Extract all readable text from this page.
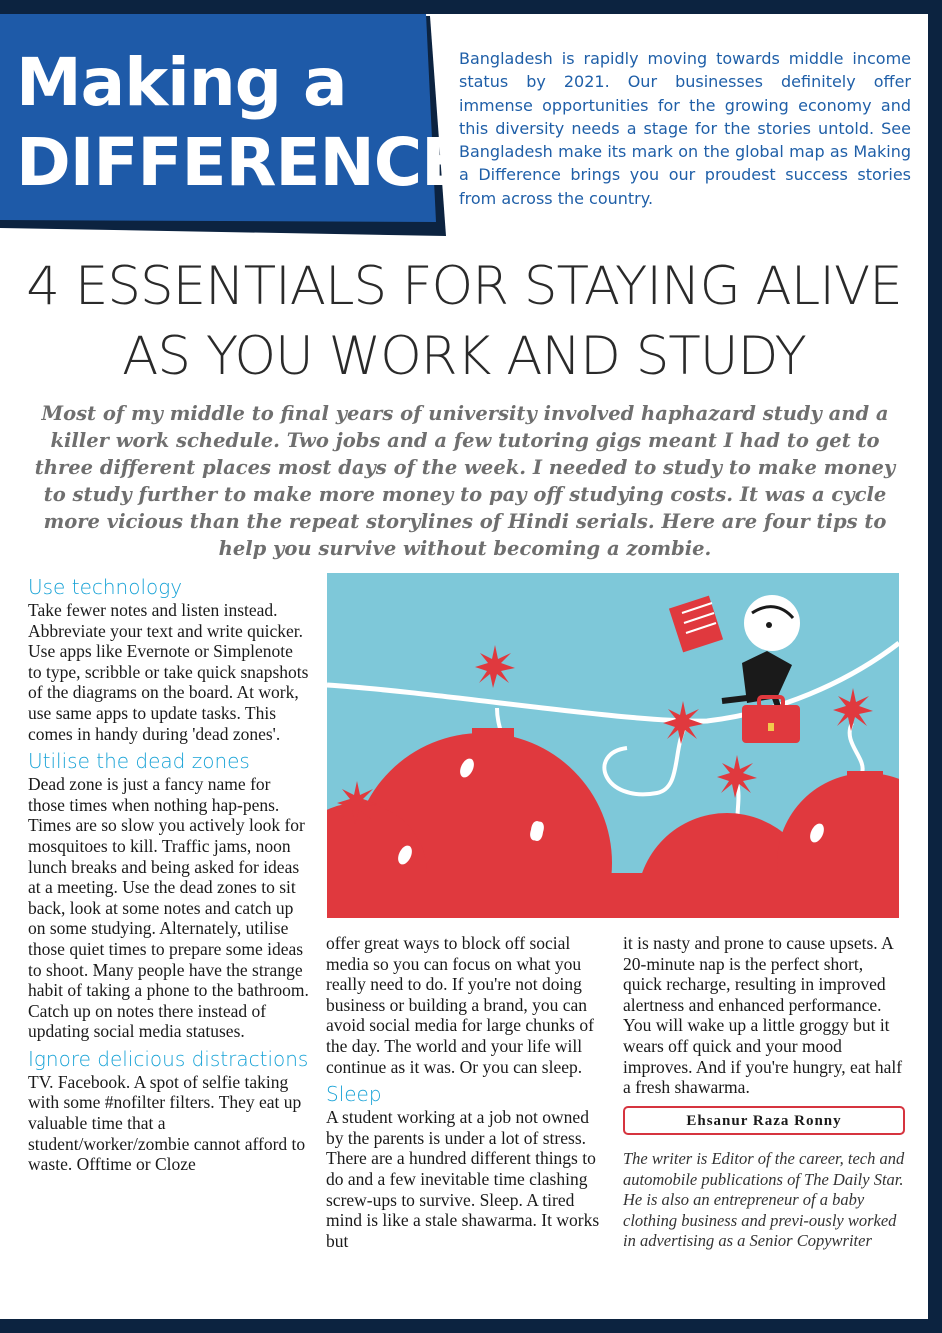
Making a
DIFFERENCE
Bangladesh is rapidly moving towards middle income status by 2021. Our businesses definitely offer immense opportunities for the growing economy and this diversity needs a stage for the stories untold. See Bangladesh make its mark on the global map as Making a Difference brings you our proudest success stories from across the country.
4 ESSENTIALS FOR STAYING ALIVE
AS YOU WORK AND STUDY
Most of my middle to final years of university involved haphazard study and a killer work schedule. Two jobs and a few tutoring gigs meant I had to get to three different places most days of the week. I needed to study to make money to study further to make more money to pay off studying costs. It was a cycle more vicious than the repeat storylines of Hindi serials. Here are four tips to help you survive without becoming a zombie.
Use technology

Take fewer notes and listen instead. Abbreviate your text and write quicker. Use apps like Evernote or Simplenote to type, scribble or take quick snapshots of the diagrams on the board. At work, use same apps to update tasks. This comes in handy during 'dead zones'.

Utilise the dead zones

Dead zone is just a fancy name for those times when nothing hap-pens. Times are so slow you actively look for mosquitoes to kill. Traffic jams, noon lunch breaks and being asked for ideas at a meeting. Use the dead zones to sit back, look at some notes and catch up on some studying. Alternately, utilise those quiet times to prepare some ideas to shoot. Many people have the strange habit of taking a phone to the bathroom. Catch up on notes there instead of updating social media statuses.

Ignore delicious distractions

TV. Facebook. A spot of selfie taking with some #nofilter filters. They eat up valuable time that a student/worker/zombie cannot afford to waste. Offtime or Cloze

offer great ways to block off social media so you can focus on what you really need to do. If you're not doing business or building a brand, you can avoid social media for large chunks of the day. The world and your life will continue as it was. Or you can sleep.

Sleep

A student working at a job not owned by the parents is under a lot of stress. There are a hundred different things to do and a few inevitable time clashing screw-ups to survive. Sleep. A tired mind is like a stale shawarma. It works but

it is nasty and prone to cause upsets. A 20-minute nap is the perfect short, quick recharge, resulting in improved alertness and enhanced performance. You will wake up a little groggy but it wears off quick and your mood improves. And if you're hungry, eat half a fresh shawarma.

Ehsanur Raza Ronny
The writer is Editor of the career, tech and automobile publications of The Daily Star. He is also an entrepreneur of a baby clothing business and previ-ously worked in advertising as a Senior Copywriter
